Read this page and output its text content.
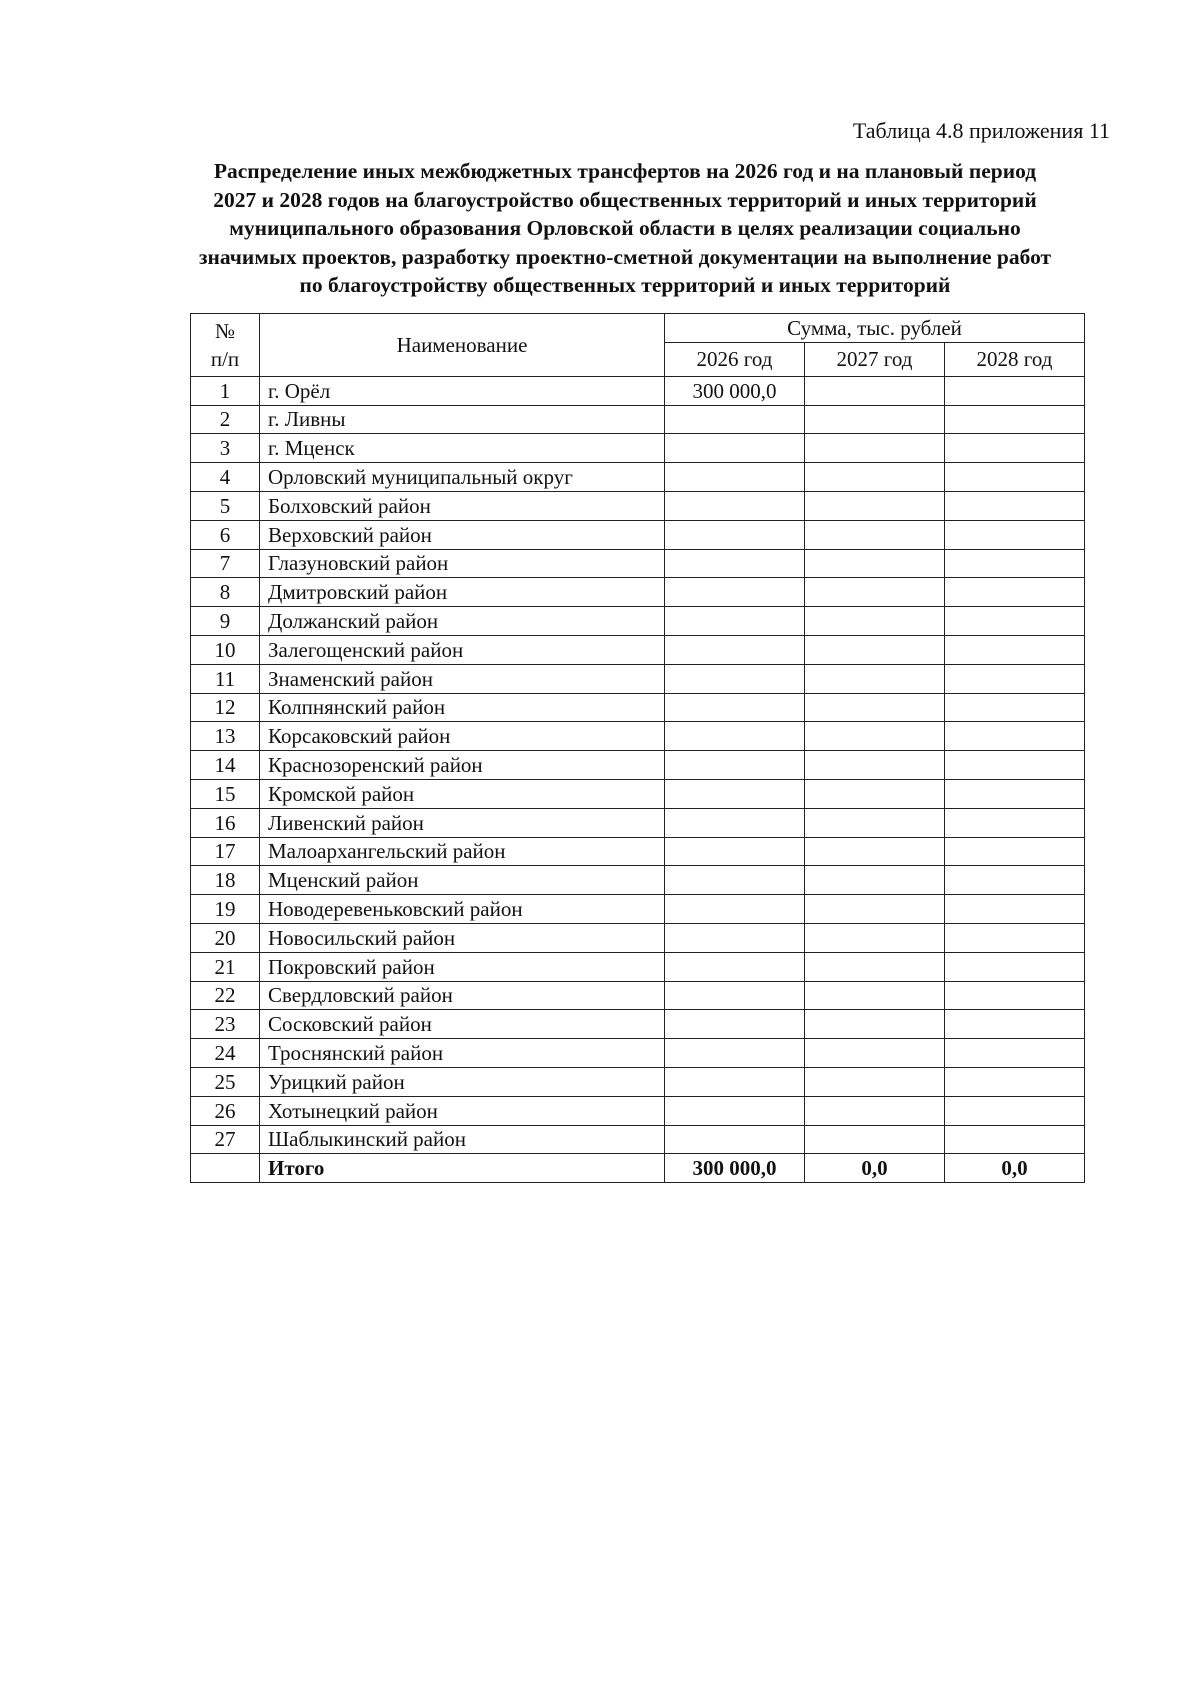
Таблица 4.8 приложения 11
Распределение иных межбюджетных трансфертов на 2026 год и на плановый период
2027 и 2028 годов на благоустройство общественных территорий и иных территорий
муниципального образования Орловской области в целях реализации социально
значимых проектов, разработку проектно-сметной документации на выполнение работ
по благоустройству общественных территорий и иных территорий
№
п/п	Наименование	Сумма, тыс. рублей		
		2026 год	2027 год	2028 год
1	г. Орёл	300 000,0		
2	г. Ливны			
3	г. Мценск			
4	Орловский муниципальный округ			
5	Болховский район			
6	Верховский район			
7	Глазуновский район			
8	Дмитровский район			
9	Должанский район			
10	Залегощенский район			
11	Знаменский район			
12	Колпнянский район			
13	Корсаковский район			
14	Краснозоренский район			
15	Кромской район			
16	Ливенский район			
17	Малоархангельский район			
18	Мценский район			
19	Новодеревеньковский район			
20	Новосильский район			
21	Покровский район			
22	Свердловский район			
23	Сосковский район			
24	Троснянский район			
25	Урицкий район			
26	Хотынецкий район			
27	Шаблыкинский район			
	Итого	300 000,0	0,0	0,0
